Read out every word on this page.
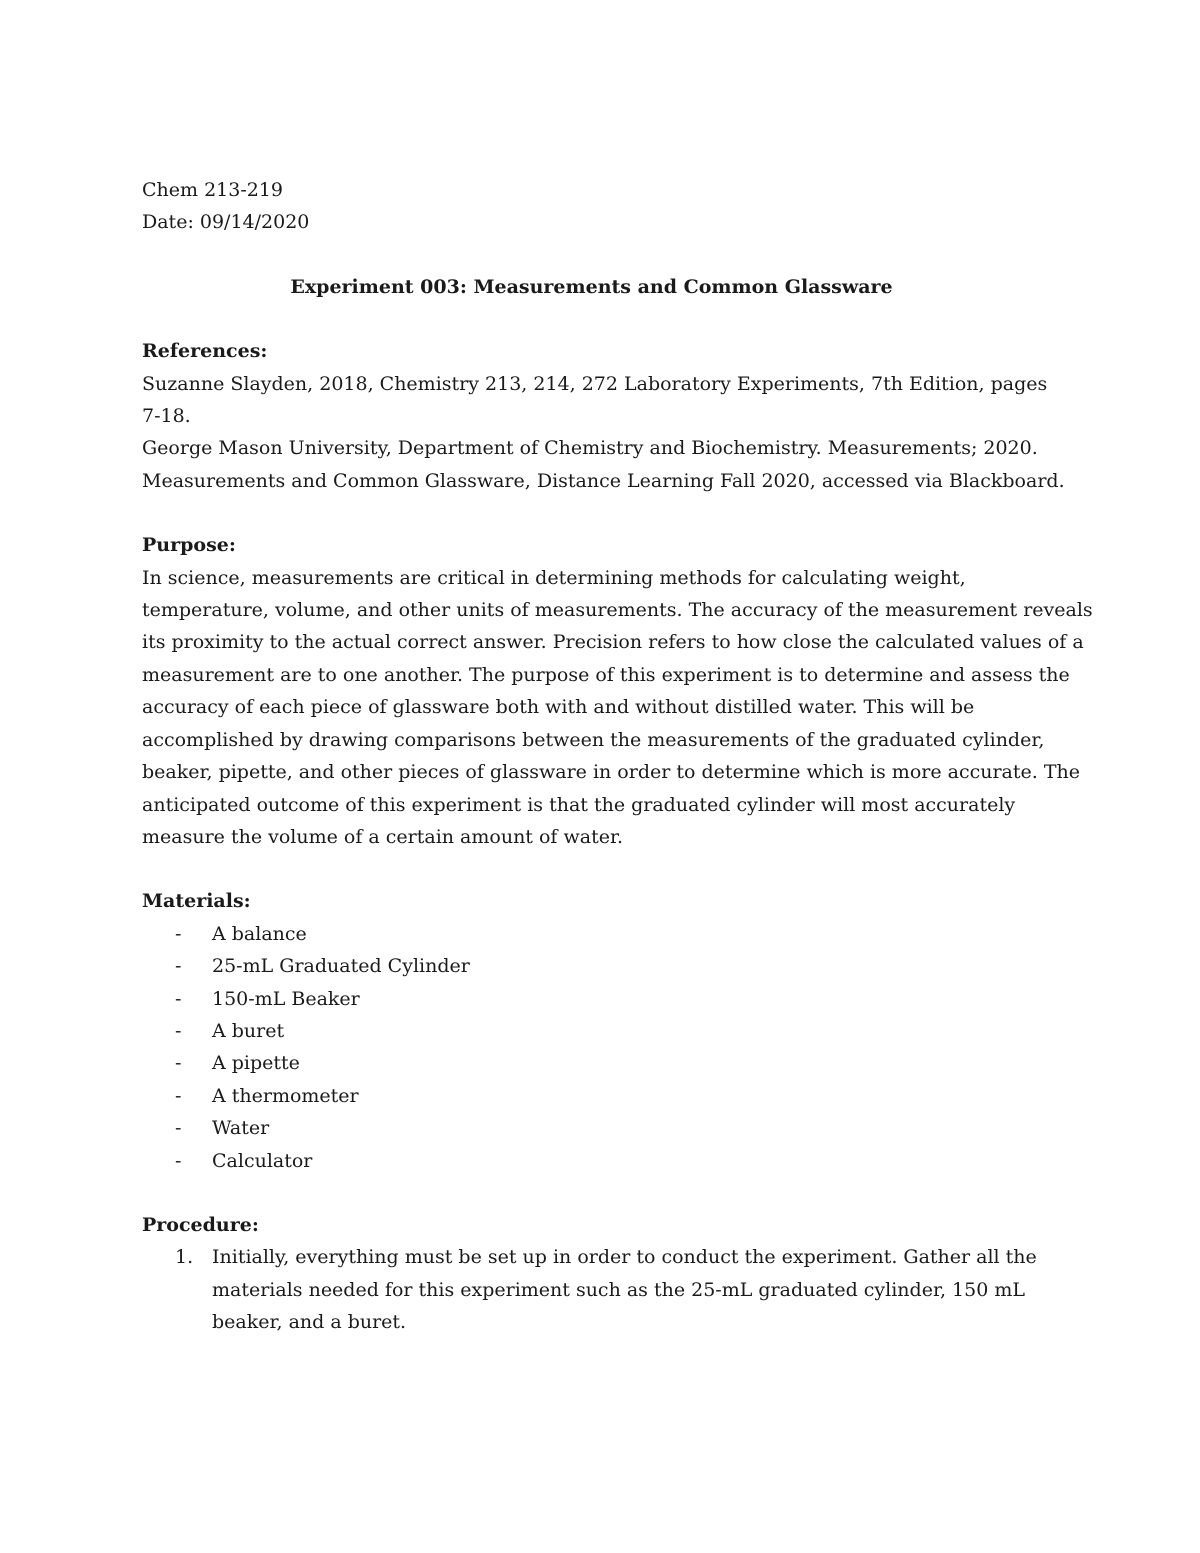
Chem 213-219
Date: 09/14/2020
Experiment 003: Measurements and Common Glassware
References:
Suzanne Slayden, 2018, Chemistry 213, 214, 272 Laboratory Experiments, 7th Edition, pages
7-18.
George Mason University, Department of Chemistry and Biochemistry. Measurements; 2020.
Measurements and Common Glassware, Distance Learning Fall 2020, accessed via Blackboard.
Purpose:
In science, measurements are critical in determining methods for calculating weight,
temperature, volume, and other units of measurements. The accuracy of the measurement reveals
its proximity to the actual correct answer. Precision refers to how close the calculated values of a
measurement are to one another. The purpose of this experiment is to determine and assess the
accuracy of each piece of glassware both with and without distilled water. This will be
accomplished by drawing comparisons between the measurements of the graduated cylinder,
beaker, pipette, and other pieces of glassware in order to determine which is more accurate. The
anticipated outcome of this experiment is that the graduated cylinder will most accurately
measure the volume of a certain amount of water.
Materials:
- A balance
- 25-mL Graduated Cylinder
- 150-mL Beaker
- A buret
- A pipette
- A thermometer
- Water
- Calculator
Procedure:
1. Initially, everything must be set up in order to conduct the experiment. Gather all the
materials needed for this experiment such as the 25-mL graduated cylinder, 150 mL
beaker, and a buret.
